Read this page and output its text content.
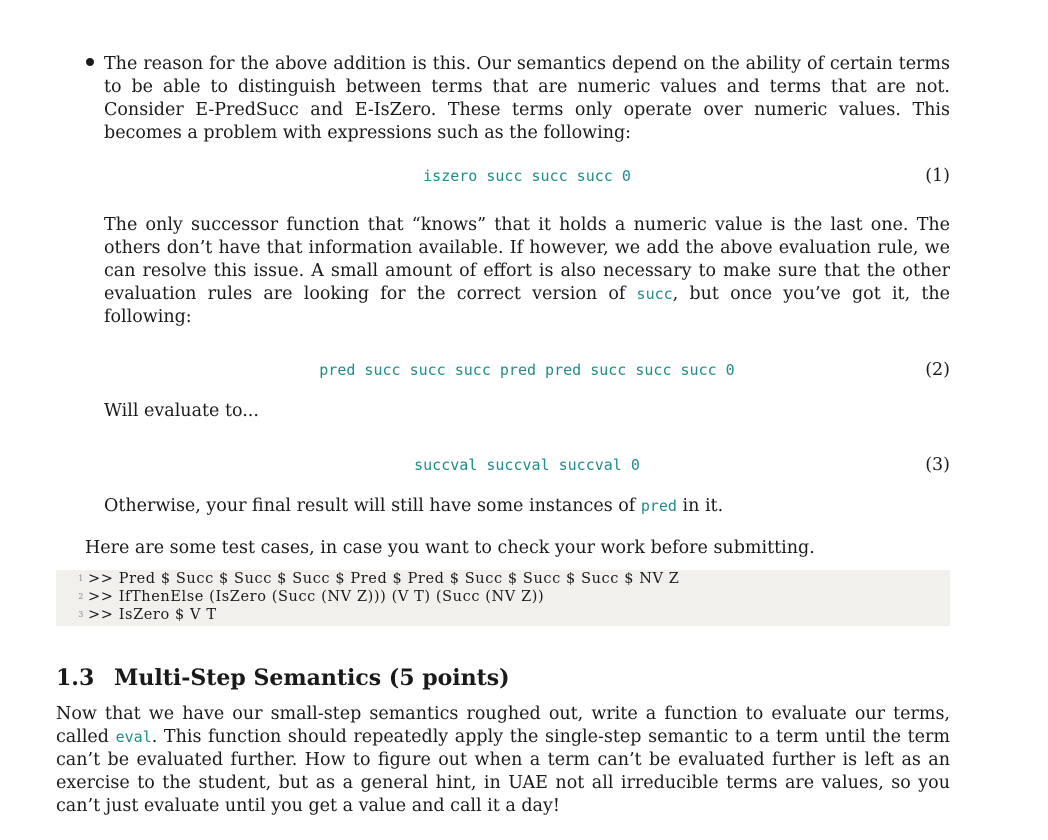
The reason for the above addition is this. Our semantics depend on the ability of certain terms to be able to distinguish between terms that are numeric values and terms that are not. Consider E-PredSucc and E-IsZero. These terms only operate over numeric values. This becomes a problem with expressions such as the following:
iszero succ succ succ 0	(1)
The only successor function that “knows” that it holds a numeric value is the last one. The others don’t have that information available. If however, we add the above evaluation rule, we can resolve this issue. A small amount of effort is also necessary to make sure that the other evaluation rules are looking for the correct version of succ, but once you’ve got it, the following:
pred succ succ succ pred pred succ succ succ 0	(2)
Will evaluate to...
succval succval succval 0	(3)
Otherwise, your final result will still have some instances of pred in it.
Here are some test cases, in case you want to check your work before submitting.
1 >> Pred $ Succ $ Succ $ Succ $ Pred $ Pred $ Succ $ Succ $ Succ $ NV Z
2 >> IfThenElse (IsZero (Succ (NV Z))) (V T) (Succ (NV Z))
3 >> IsZero $ V T
1.3 Multi-Step Semantics (5 points)
Now that we have our small-step semantics roughed out, write a function to evaluate our terms, called eval. This function should repeatedly apply the single-step semantic to a term until the term can’t be evaluated further. How to figure out when a term can’t be evaluated further is left as an exercise to the student, but as a general hint, in UAE not all irreducible terms are values, so you can’t just evaluate until you get a value and call it a day!
